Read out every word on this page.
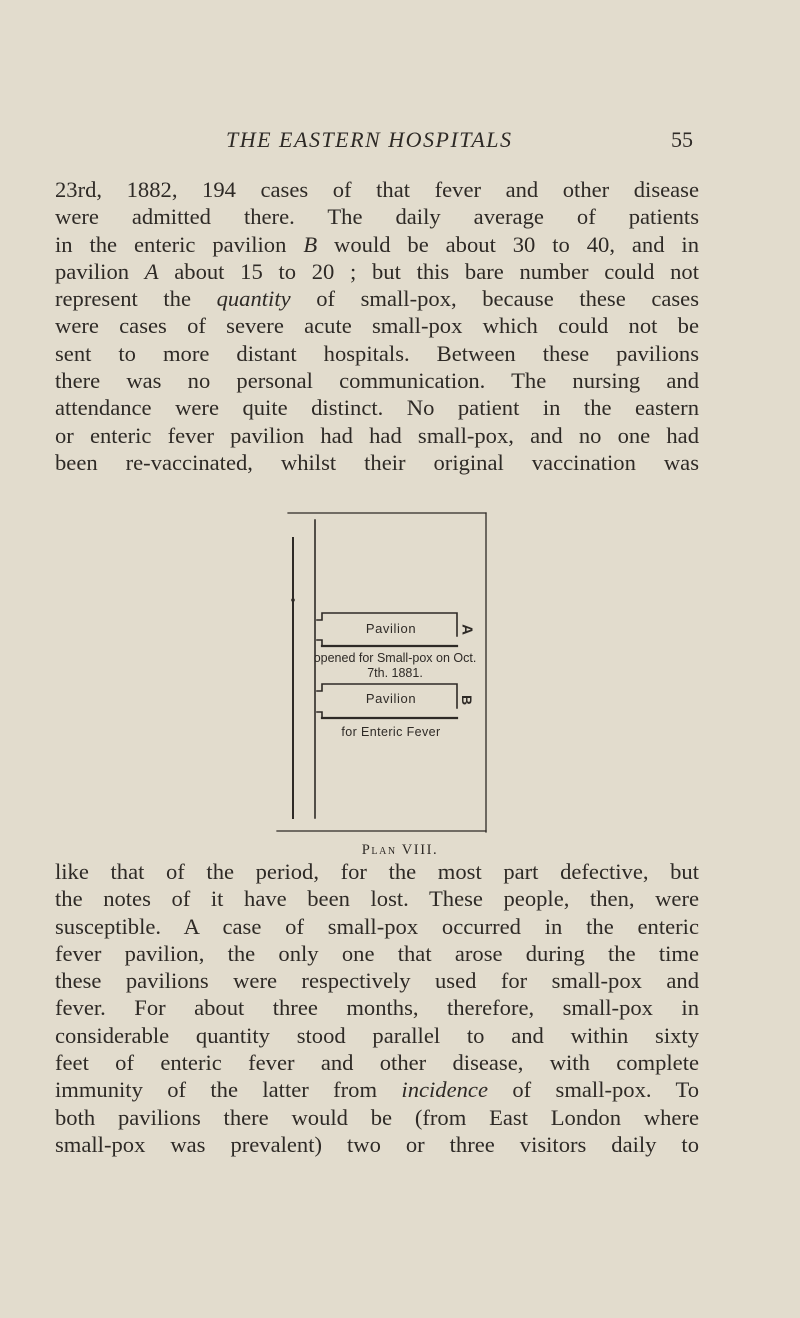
THE EASTERN HOSPITALS	55

23rd, 1882, 194 cases of that fever and other disease
were admitted there. The daily average of patients
in the enteric pavilion B would be about 30 to 40, and in
pavilion A about 15 to 20 ; but this bare number could not
represent the quantity of small-pox, because these cases
were cases of severe acute small-pox which could not be
sent to more distant hospitals. Between these pavilions
there was no personal communication. The nursing and
attendance were quite distinct. No patient in the eastern
or enteric fever pavilion had had small-pox, and no one had
been re-vaccinated, whilst their original vaccination was

Pavilion	A
opened for Small-pox on Oct. 7th. 1881.
Pavilion	B
for Enteric Fever
Plan VIII.

like that of the period, for the most part defective, but
the notes of it have been lost. These people, then, were
susceptible. A case of small-pox occurred in the enteric
fever pavilion, the only one that arose during the time
these pavilions were respectively used for small-pox and
fever. For about three months, therefore, small-pox in
considerable quantity stood parallel to and within sixty
feet of enteric fever and other disease, with complete
immunity of the latter from incidence of small-pox. To
both pavilions there would be (from East London where
small-pox was prevalent) two or three visitors daily to
